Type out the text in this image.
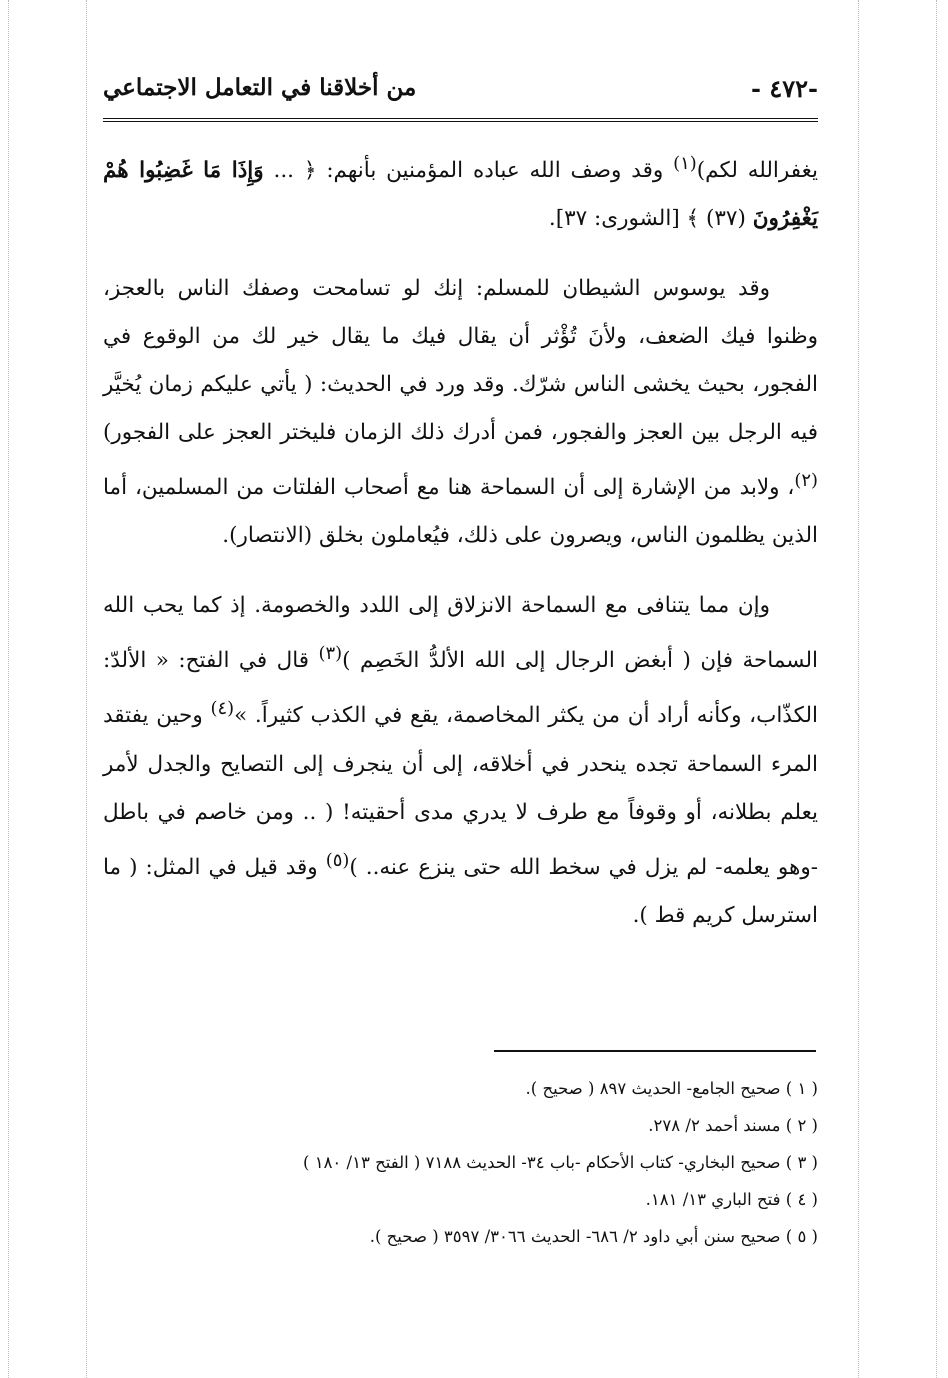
من أخلاقنا في التعامل الاجتماعي	-٤٧٢ -

يغفرالله لكم)$^{(١)}$ وقد وصف الله عباده المؤمنين بأنهم: ﴿ ... وَإِذَا مَا غَضِبُوا هُمْ يَغْفِرُونَ (٣٧) ﴾ [الشورى: ٣٧].

وقد يوسوس الشيطان للمسلم: إنك لو تسامحت وصفك الناس بالعجز، وظنوا فيك الضعف، ولأنَ تُؤْثر أن يقال فيك ما يقال خير لك من الوقوع في الفجور، بحيث يخشى الناس شرّك. وقد ورد في الحديث: ( يأتي عليكم زمان يُخيَّر فيه الرجل بين العجز والفجور، فمن أدرك ذلك الزمان فليختر العجز على الفجور)$^{(٢)}$، ولابد من الإشارة إلى أن السماحة هنا مع أصحاب الفلتات من المسلمين، أما الذين يظلمون الناس، ويصرون على ذلك، فيُعاملون بخلق (الانتصار).

وإن مما يتنافى مع السماحة الانزلاق إلى اللدد والخصومة. إذ كما يحب الله السماحة فإن ( أبغض الرجال إلى الله الألدُّ الخَصِم )$^{(٣)}$ قال في الفتح: « الألدّ: الكذّاب، وكأنه أراد أن من يكثر المخاصمة، يقع في الكذب كثيراً. »$^{(٤)}$ وحين يفتقد المرء السماحة تجده ينحدر في أخلاقه، إلى أن ينجرف إلى التصايح والجدل لأمر يعلم بطلانه، أو وقوفاً مع طرف لا يدري مدى أحقيته! ( .. ومن خاصم في باطل -وهو يعلمه- لم يزل في سخط الله حتى ينزع عنه.. )$^{(٥)}$ وقد قيل في المثل: ( ما استرسل كريم قط ).

( ١ ) صحيح الجامع- الحديث ٨٩٧ ( صحيح ).
( ٢ ) مسند أحمد ٢/ ٢٧٨.
( ٣ ) صحيح البخاري- كتاب الأحكام -باب ٣٤- الحديث ٧١٨٨ ( الفتح ١٣/ ١٨٠ )
( ٤ ) فتح الباري ١٣/ ١٨١.
( ٥ ) صحيح سنن أبي داود ٢/ ٦٨٦- الحديث ٣٠٦٦/ ٣٥٩٧ ( صحيح ).
